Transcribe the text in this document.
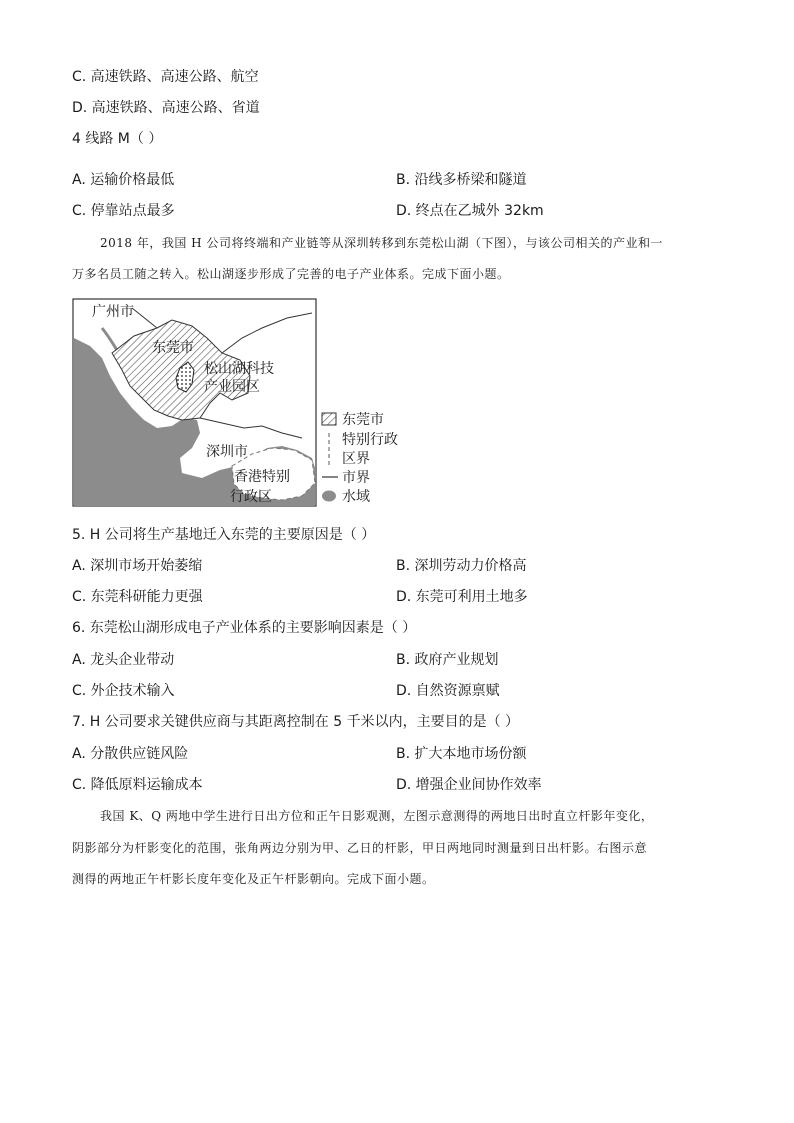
C. 高速铁路、高速公路、航空
D. 高速铁路、高速公路、省道
4 线路 M（ ）
A. 运输价格最低	B. 沿线多桥梁和隧道
C. 停靠站点最多	D. 终点在乙城外 32km
2018 年，我国 H 公司将终端和产业链等从深圳转移到东莞松山湖（下图），与该公司相关的产业和一
万多名员工随之转入。松山湖逐步形成了完善的电子产业体系。完成下面小题。
广州市
东莞市
松山湖科技
产业园区
深圳市
香港特别
行政区
东莞市
特别行政
区界
市界
水域
5. H 公司将生产基地迁入东莞的主要原因是（ ）
A. 深圳市场开始萎缩	B. 深圳劳动力价格高
C. 东莞科研能力更强	D. 东莞可利用土地多
6. 东莞松山湖形成电子产业体系的主要影响因素是（ ）
A. 龙头企业带动	B. 政府产业规划
C. 外企技术输入	D. 自然资源禀赋
7. H 公司要求关键供应商与其距离控制在 5 千米以内，主要目的是（ ）
A. 分散供应链风险	B. 扩大本地市场份额
C. 降低原料运输成本	D. 增强企业间协作效率
我国 K、Q 两地中学生进行日出方位和正午日影观测，左图示意测得的两地日出时直立杆影年变化，
阴影部分为杆影变化的范围，张角两边分别为甲、乙日的杆影，甲日两地同时测量到日出杆影。右图示意
测得的两地正午杆影长度年变化及正午杆影朝向。完成下面小题。
